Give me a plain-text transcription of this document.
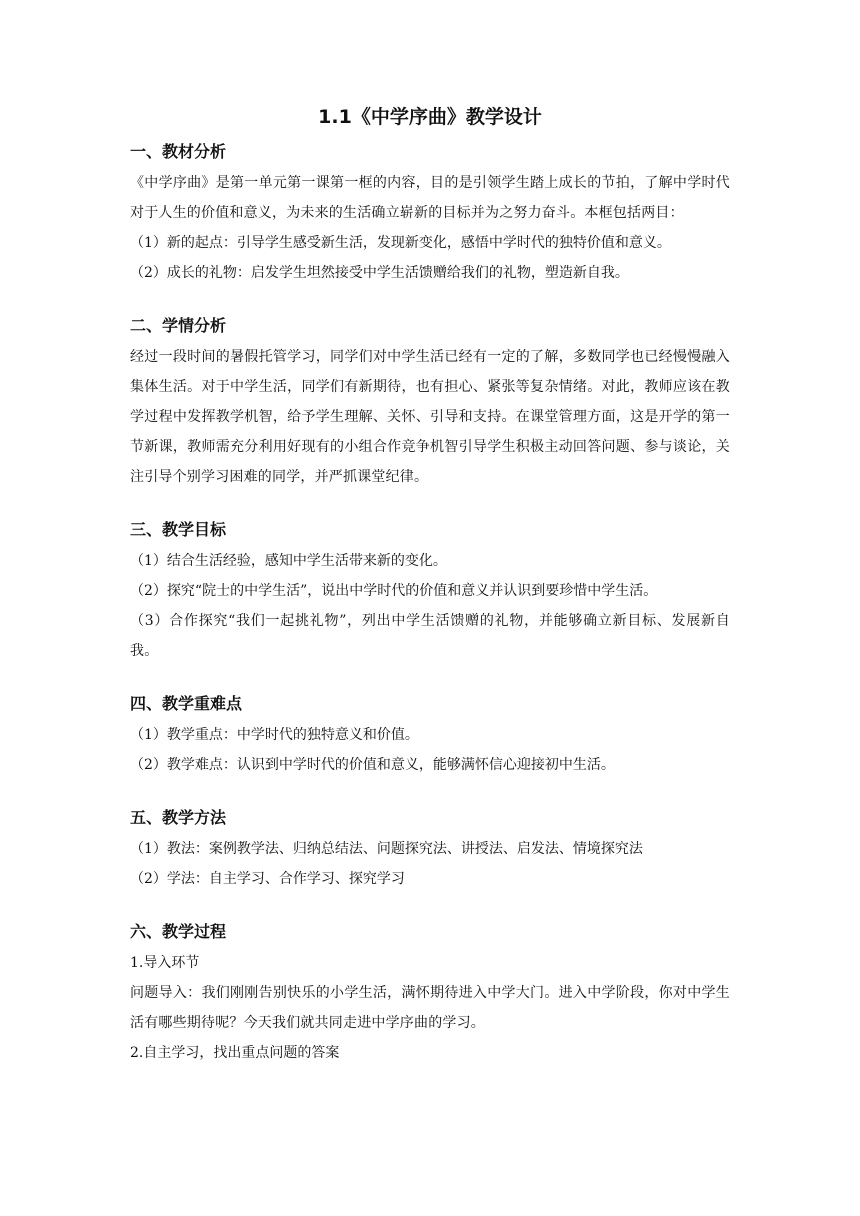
1.1《中学序曲》教学设计
一、教材分析

《中学序曲》是第一单元第一课第一框的内容，目的是引领学生踏上成长的节拍，了解中学时代对于人生的价值和意义，为未来的生活确立崭新的目标并为之努力奋斗。本框包括两目：

（1）新的起点：引导学生感受新生活，发现新变化，感悟中学时代的独特价值和意义。

（2）成长的礼物：启发学生坦然接受中学生活馈赠给我们的礼物，塑造新自我。

二、学情分析

经过一段时间的暑假托管学习，同学们对中学生活已经有一定的了解，多数同学也已经慢慢融入集体生活。对于中学生活，同学们有新期待，也有担心、紧张等复杂情绪。对此，教师应该在教学过程中发挥教学机智，给予学生理解、关怀、引导和支持。在课堂管理方面，这是开学的第一节新课，教师需充分利用好现有的小组合作竞争机智引导学生积极主动回答问题、参与谈论，关注引导个别学习困难的同学，并严抓课堂纪律。

三、教学目标

（1）结合生活经验，感知中学生活带来新的变化。

（2）探究“院士的中学生活”，说出中学时代的价值和意义并认识到要珍惜中学生活。

（3）合作探究“我们一起挑礼物”，列出中学生活馈赠的礼物，并能够确立新目标、发展新自我。

四、教学重难点

（1）教学重点：中学时代的独特意义和价值。

（2）教学难点：认识到中学时代的价值和意义，能够满怀信心迎接初中生活。

五、教学方法

（1）教法：案例教学法、归纳总结法、问题探究法、讲授法、启发法、情境探究法

（2）学法：自主学习、合作学习、探究学习

六、教学过程

1.导入环节

问题导入：我们刚刚告别快乐的小学生活，满怀期待进入中学大门。进入中学阶段，你对中学生活有哪些期待呢？今天我们就共同走进中学序曲的学习。

2.自主学习，找出重点问题的答案
